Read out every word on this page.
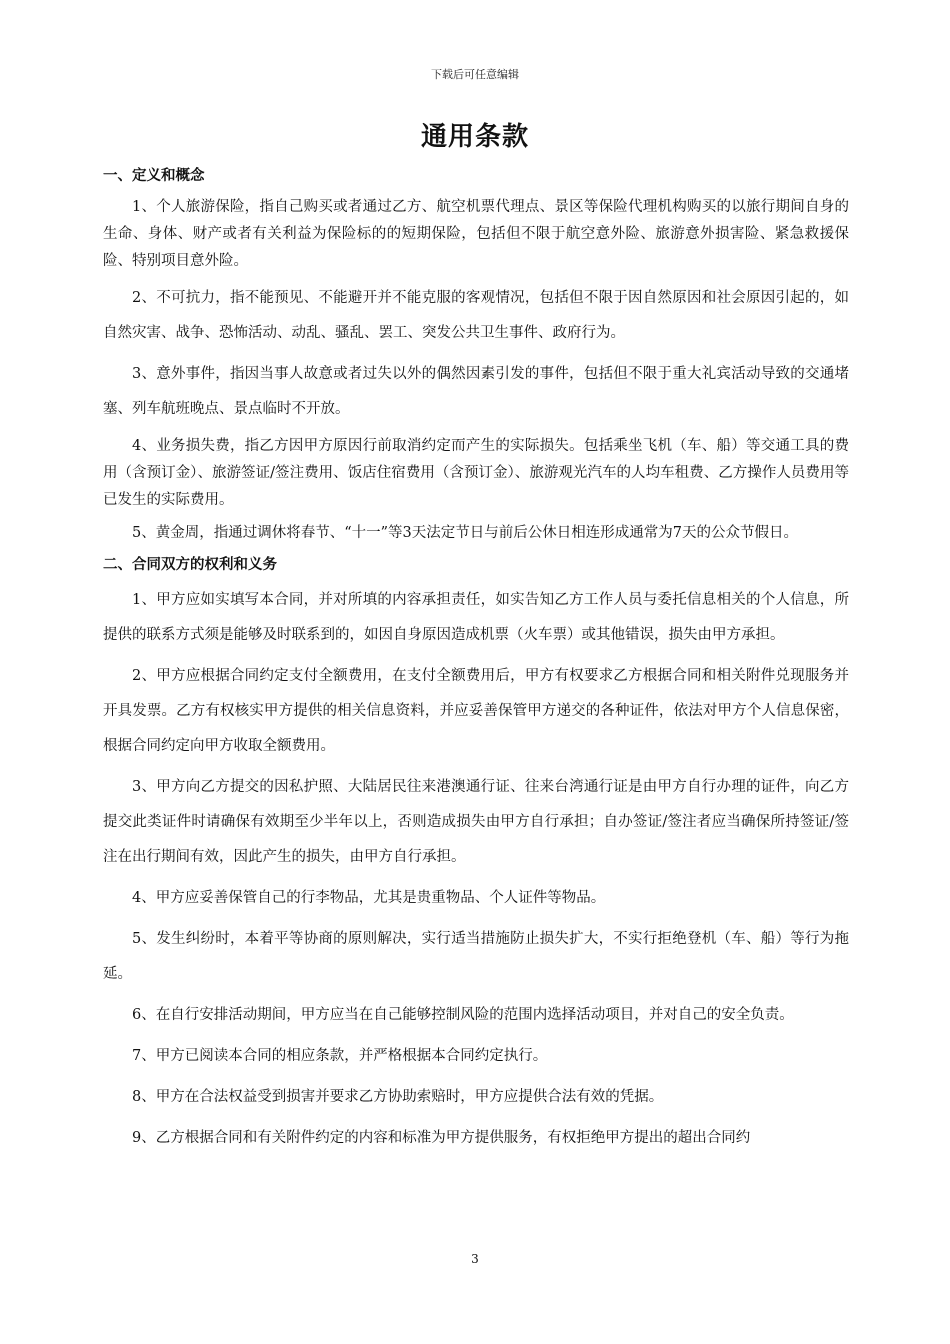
下载后可任意编辑
通用条款
一、定义和概念

1、个人旅游保险，指自己购买或者通过乙方、航空机票代理点、景区等保险代理机构购买的以旅行期间自身的生命、身体、财产或者有关利益为保险标的的短期保险，包括但不限于航空意外险、旅游意外损害险、紧急救援保险、特别项目意外险。

2、不可抗力，指不能预见、不能避开并不能克服的客观情况，包括但不限于因自然原因和社会原因引起的，如自然灾害、战争、恐怖活动、动乱、骚乱、罢工、突发公共卫生事件、政府行为。

3、意外事件，指因当事人故意或者过失以外的偶然因素引发的事件，包括但不限于重大礼宾活动导致的交通堵塞、列车航班晚点、景点临时不开放。

4、业务损失费，指乙方因甲方原因行前取消约定而产生的实际损失。包括乘坐飞机（车、船）等交通工具的费用（含预订金）、旅游签证/签注费用、饭店住宿费用（含预订金）、旅游观光汽车的人均车租费、乙方操作人员费用等已发生的实际费用。

5、黄金周，指通过调休将春节、“十一”等3天法定节日与前后公休日相连形成通常为7天的公众节假日。

二、合同双方的权利和义务

1、甲方应如实填写本合同，并对所填的内容承担责任，如实告知乙方工作人员与委托信息相关的个人信息，所提供的联系方式须是能够及时联系到的，如因自身原因造成机票（火车票）或其他错误，损失由甲方承担。

2、甲方应根据合同约定支付全额费用，在支付全额费用后，甲方有权要求乙方根据合同和相关附件兑现服务并开具发票。乙方有权核实甲方提供的相关信息资料，并应妥善保管甲方递交的各种证件，依法对甲方个人信息保密，根据合同约定向甲方收取全额费用。

3、甲方向乙方提交的因私护照、大陆居民往来港澳通行证、往来台湾通行证是由甲方自行办理的证件，向乙方提交此类证件时请确保有效期至少半年以上，否则造成损失由甲方自行承担；自办签证/签注者应当确保所持签证/签注在出行期间有效，因此产生的损失，由甲方自行承担。

4、甲方应妥善保管自己的行李物品，尤其是贵重物品、个人证件等物品。

5、发生纠纷时，本着平等协商的原则解决，实行适当措施防止损失扩大，不实行拒绝登机（车、船）等行为拖延。

6、在自行安排活动期间，甲方应当在自己能够控制风险的范围内选择活动项目，并对自己的安全负责。

7、甲方已阅读本合同的相应条款，并严格根据本合同约定执行。

8、甲方在合法权益受到损害并要求乙方协助索赔时，甲方应提供合法有效的凭据。

9、乙方根据合同和有关附件约定的内容和标准为甲方提供服务，有权拒绝甲方提出的超出合同约

3
